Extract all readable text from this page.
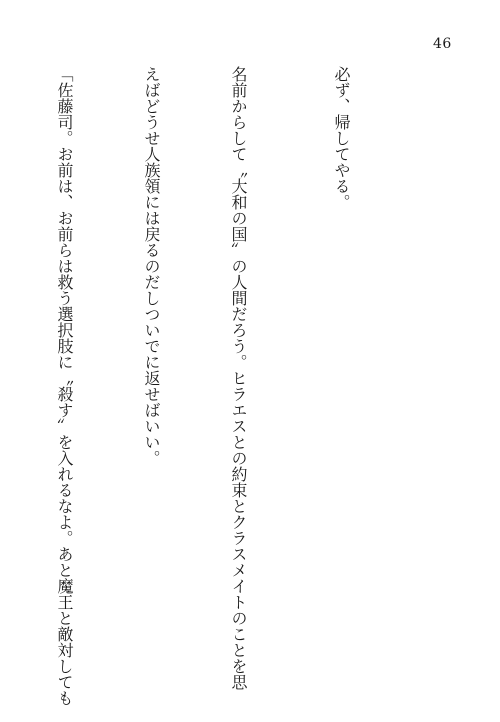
46

必ず、帰してやる。

名前からして〝大和の国〟の人間だろう。ヒラエスとの約束とクラスメイトのことを思

えばどうせ人族領には戻るのだしついでに返せばいい。

「佐藤司。お前は、お前らは救う選択肢に〝殺す〟を入れるなよ。あと魔王と敵対しても
